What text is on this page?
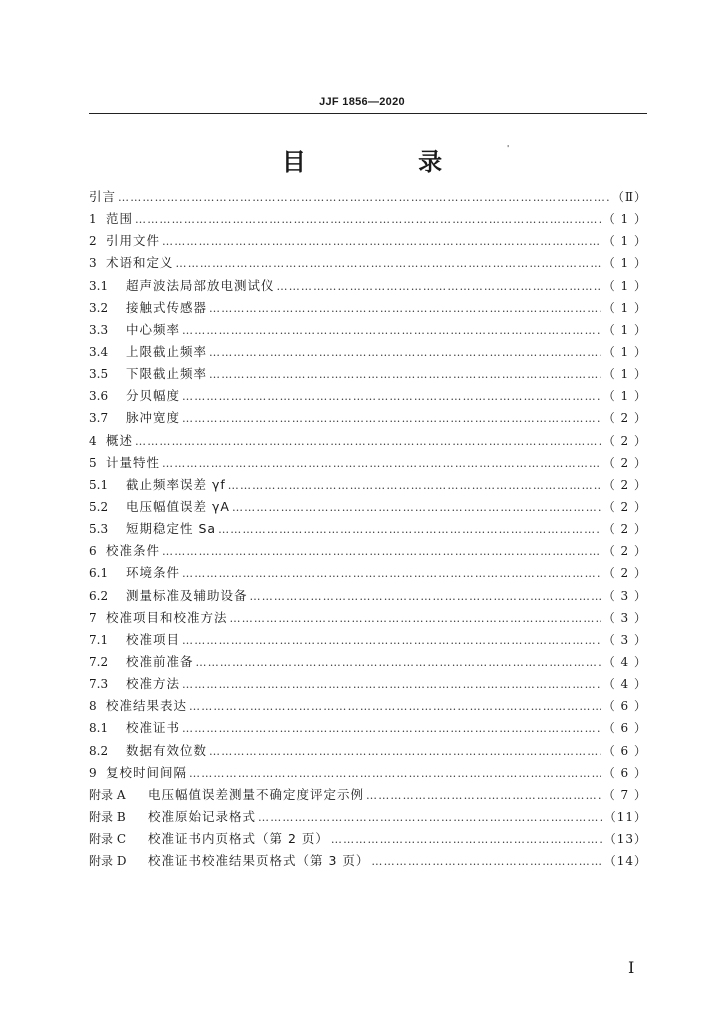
JJF 1856—2020
目 录	'
引言 ……………………………………………………………………………………………………………………………………………………………………………………………………	（Ⅱ）
1 范围 ……………………………………………………………………………………………………………………………………………………………………………………………………	（ 1 ）
2 引用文件 ……………………………………………………………………………………………………………………………………………………………………………………………………	（ 1 ）
3 术语和定义 ……………………………………………………………………………………………………………………………………………………………………………………………………	（ 1 ）
3.1	超声波法局部放电测试仪 ……………………………………………………………………………………………………………………………………………………………………………………………………	（ 1 ）
3.2	接触式传感器 ……………………………………………………………………………………………………………………………………………………………………………………………………	（ 1 ）
3.3	中心频率 ……………………………………………………………………………………………………………………………………………………………………………………………………	（ 1 ）
3.4	上限截止频率 ……………………………………………………………………………………………………………………………………………………………………………………………………	（ 1 ）
3.5	下限截止频率 ……………………………………………………………………………………………………………………………………………………………………………………………………	（ 1 ）
3.6	分贝幅度 ……………………………………………………………………………………………………………………………………………………………………………………………………	（ 1 ）
3.7	脉冲宽度 ……………………………………………………………………………………………………………………………………………………………………………………………………	（ 2 ）
4 概述 ……………………………………………………………………………………………………………………………………………………………………………………………………	（ 2 ）
5 计量特性 ……………………………………………………………………………………………………………………………………………………………………………………………………	（ 2 ）
5.1	截止频率误差 γf ……………………………………………………………………………………………………………………………………………………………………………………………………	（ 2 ）
5.2	电压幅值误差 γA ……………………………………………………………………………………………………………………………………………………………………………………………………	（ 2 ）
5.3	短期稳定性 Sa ……………………………………………………………………………………………………………………………………………………………………………………………………	（ 2 ）
6 校准条件 ……………………………………………………………………………………………………………………………………………………………………………………………………	（ 2 ）
6.1	环境条件 ……………………………………………………………………………………………………………………………………………………………………………………………………	（ 2 ）
6.2	测量标准及辅助设备 ……………………………………………………………………………………………………………………………………………………………………………………………………	（ 3 ）
7 校准项目和校准方法 ……………………………………………………………………………………………………………………………………………………………………………………………………	（ 3 ）
7.1	校准项目 ……………………………………………………………………………………………………………………………………………………………………………………………………	（ 3 ）
7.2	校准前准备 ……………………………………………………………………………………………………………………………………………………………………………………………………	（ 4 ）
7.3	校准方法 ……………………………………………………………………………………………………………………………………………………………………………………………………	（ 4 ）
8 校准结果表达 ……………………………………………………………………………………………………………………………………………………………………………………………………	（ 6 ）
8.1	校准证书 ……………………………………………………………………………………………………………………………………………………………………………………………………	（ 6 ）
8.2	数据有效位数 ……………………………………………………………………………………………………………………………………………………………………………………………………	（ 6 ）
9 复校时间间隔 ……………………………………………………………………………………………………………………………………………………………………………………………………	（ 6 ）
附录 A	电压幅值误差测量不确定度评定示例 ……………………………………………………………………………………………………………………………………………………………………………………………………	（ 7 ）
附录 B	校准原始记录格式 ……………………………………………………………………………………………………………………………………………………………………………………………………	（11）
附录 C	校准证书内页格式（第 2 页） ……………………………………………………………………………………………………………………………………………………………………………………………………	（13）
附录 D	校准证书校准结果页格式（第 3 页） ……………………………………………………………………………………………………………………………………………………………………………………………………	（14）
I
